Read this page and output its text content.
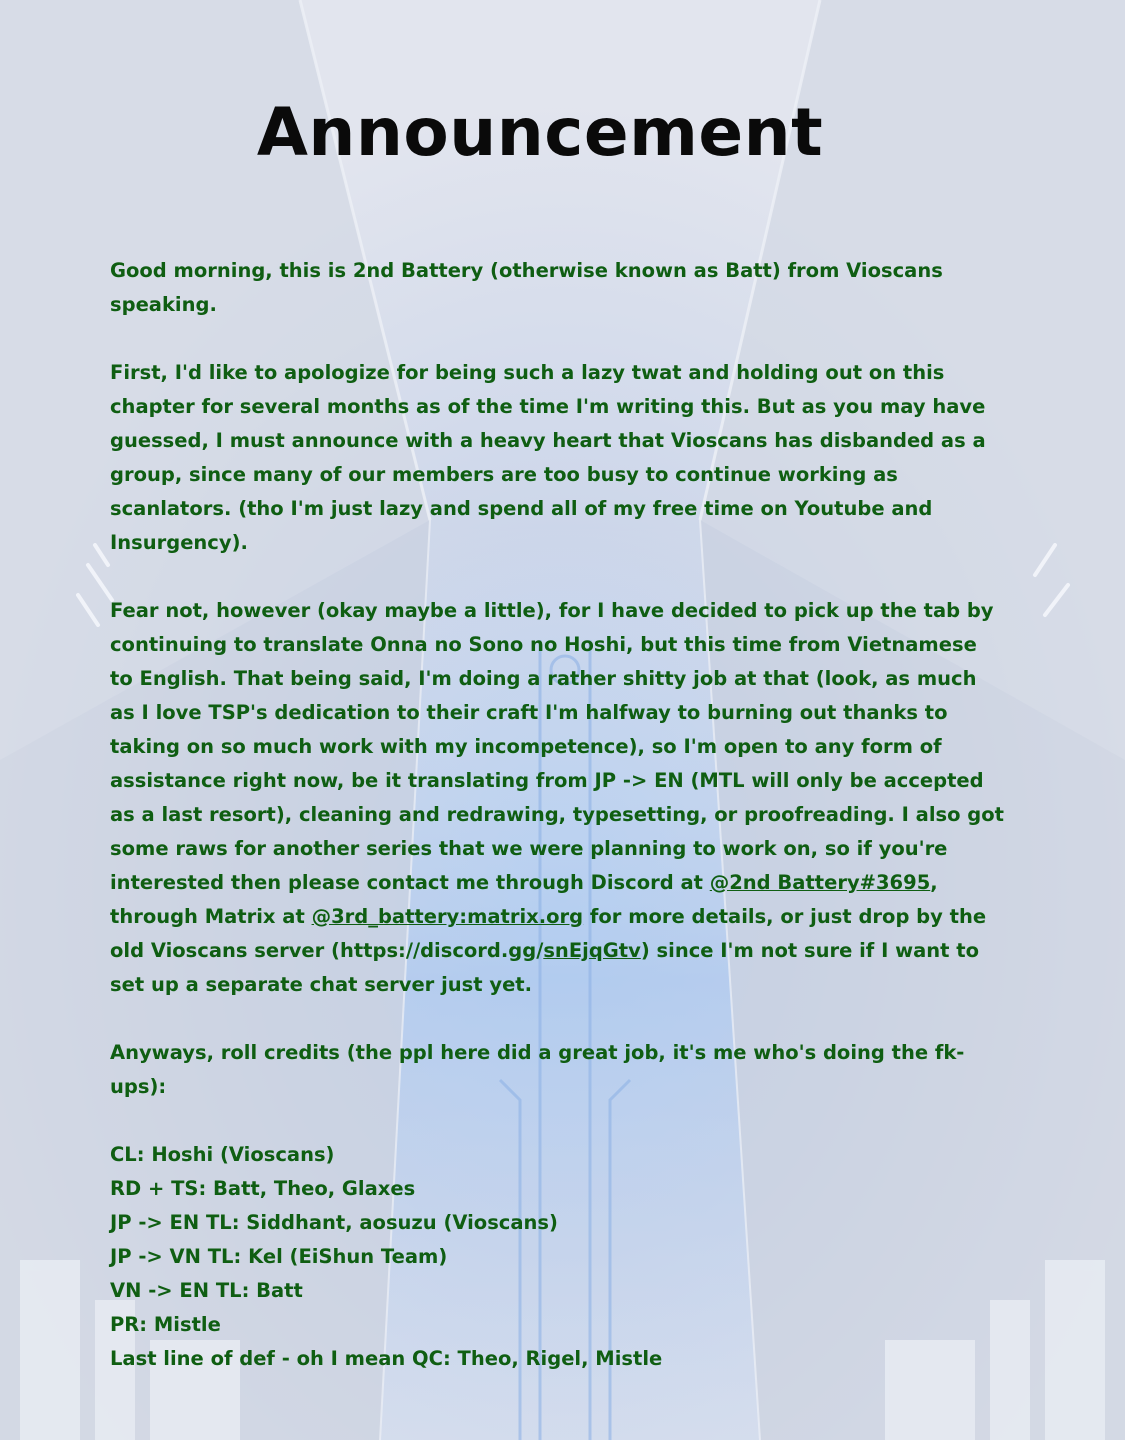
Announcement

Good morning, this is 2nd Battery (otherwise known as Batt) from Vioscans speaking.

First, I'd like to apologize for being such a lazy twat and holding out on this chapter for several months as of the time I'm writing this. But as you may have guessed, I must announce with a heavy heart that Vioscans has disbanded as a group, since many of our members are too busy to continue working as scanlators. (tho I'm just lazy and spend all of my free time on Youtube and Insurgency).

Fear not, however (okay maybe a little), for I have decided to pick up the tab by continuing to translate Onna no Sono no Hoshi, but this time from Vietnamese to English. That being said, I'm doing a rather shitty job at that (look, as much as I love TSP's dedication to their craft I'm halfway to burning out thanks to taking on so much work with my incompetence), so I'm open to any form of assistance right now, be it translating from JP -> EN (MTL will only be accepted as a last resort), cleaning and redrawing, typesetting, or proofreading. I also got some raws for another series that we were planning to work on, so if you're interested then please contact me through Discord at @2nd Battery#3695, through Matrix at @3rd_battery:matrix.org for more details, or just drop by the old Vioscans server (https://discord.gg/snEjqGtv) since I'm not sure if I want to set up a separate chat server just yet.

Anyways, roll credits (the ppl here did a great job, it's me who's doing the fk-ups):

CL: Hoshi (Vioscans)
RD + TS: Batt, Theo, Glaxes
JP -> EN TL: Siddhant, aosuzu (Vioscans)
JP -> VN TL: Kel (EiShun Team)
VN -> EN TL: Batt
PR: Mistle
Last line of def - oh I mean QC: Theo, Rigel, Mistle
